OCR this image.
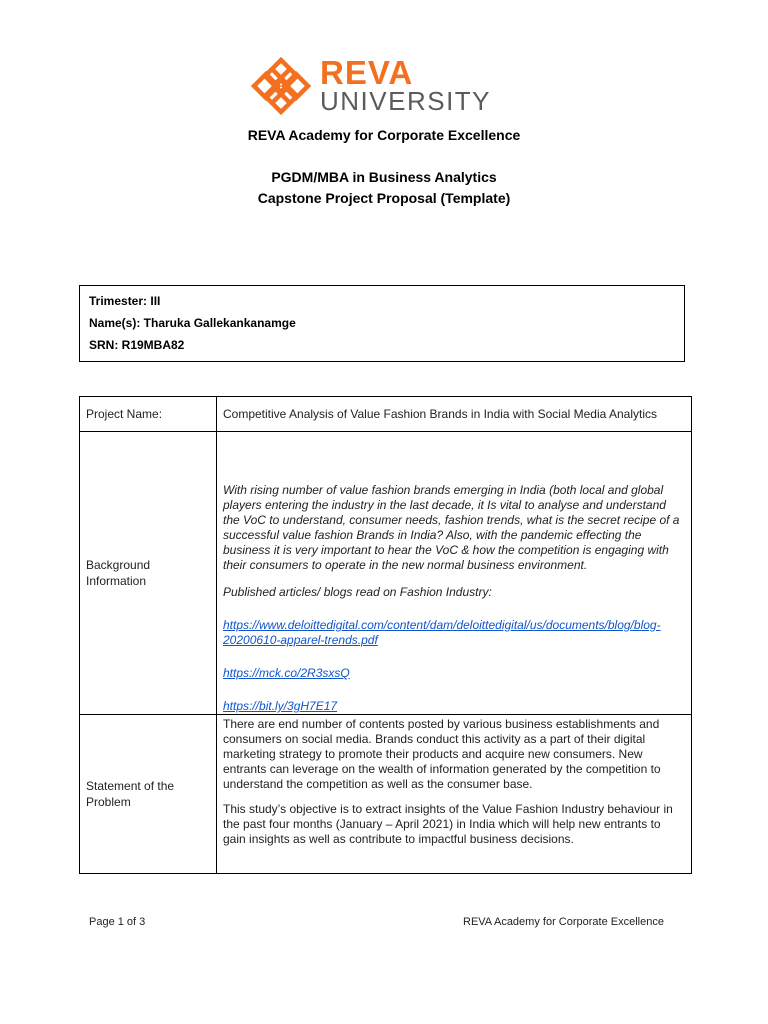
REVA
UNIVERSITY
REVA Academy for Corporate Excellence
PGDM/MBA in Business Analytics
Capstone Project Proposal (Template)
Trimester: III
Name(s): Tharuka Gallekankanamge
SRN: R19MBA82
Project Name:	Competitive Analysis of Value Fashion Brands in India with Social Media Analytics
Background Information	With rising number of value fashion brands emerging in India (both local and global players entering the industry in the last decade, it Is vital to analyse and understand the VoC to understand, consumer needs, fashion trends, what is the secret recipe of a successful value fashion Brands in India? Also, with the pandemic effecting the business it is very important to hear the VoC & how the competition is engaging with their consumers to operate in the new normal business environment.
Published articles/ blogs read on Fashion Industry:
https://www.deloittedigital.com/content/dam/deloittedigital/us/documents/blog/blog-20200610-apparel-trends.pdf
https://mck.co/2R3sxsQ
https://bit.ly/3gH7E17

Statement of the Problem	There are end number of contents posted by various business establishments and consumers on social media. Brands conduct this activity as a part of their digital marketing strategy to promote their products and acquire new consumers. New entrants can leverage on the wealth of information generated by the competition to understand the competition as well as the consumer base.
This study’s objective is to extract insights of the Value Fashion Industry behaviour in the past four months (January – April 2021) in India which will help new entrants to gain insights as well as contribute to impactful business decisions.
Page 1 of 3	REVA Academy for Corporate Excellence
